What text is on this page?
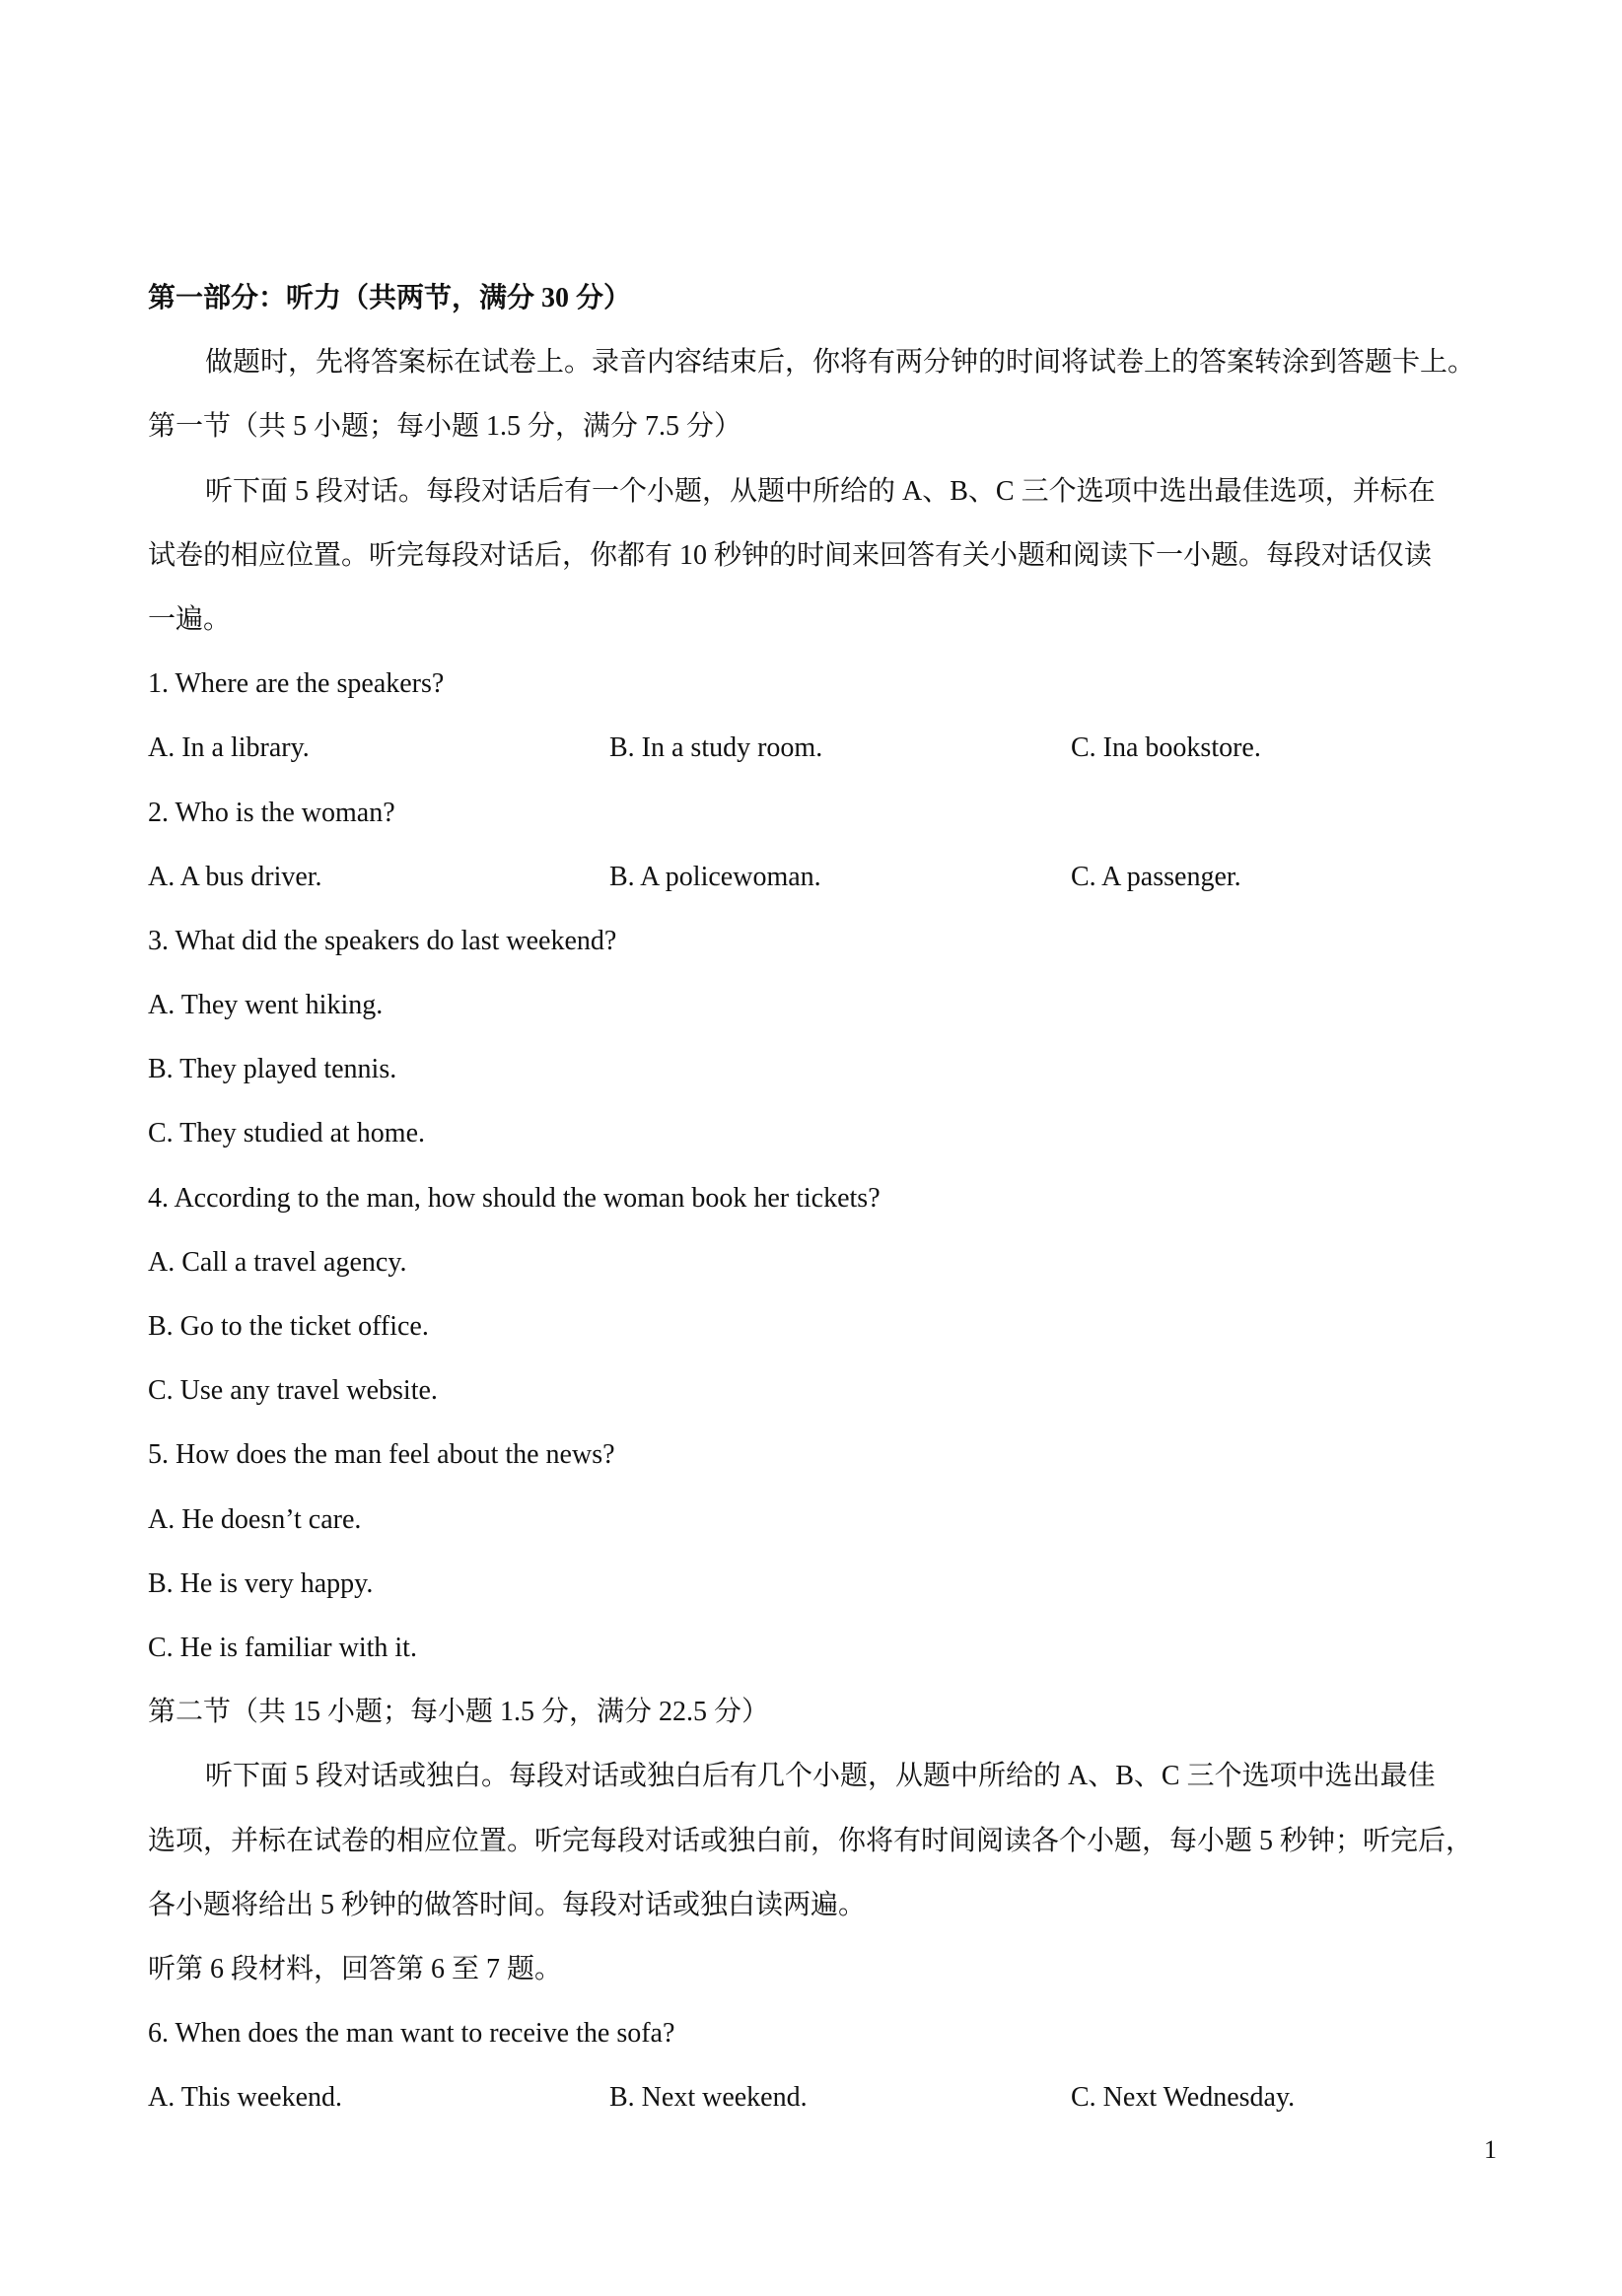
第一部分：听力（共两节，满分 30 分）
做题时，先将答案标在试卷上。录音内容结束后，你将有两分钟的时间将试卷上的答案转涂到答题卡上。
第一节（共 5 小题；每小题 1.5 分，满分 7.5 分）
听下面 5 段对话。每段对话后有一个小题，从题中所给的 A、B、C 三个选项中选出最佳选项，并标在
试卷的相应位置。听完每段对话后，你都有 10 秒钟的时间来回答有关小题和阅读下一小题。每段对话仅读
一遍。
1. Where are the speakers?
A. In a library.	B. In a study room.	C. Ina bookstore.
2. Who is the woman?
A. A bus driver.	B. A policewoman.	C. A passenger.
3. What did the speakers do last weekend?
A. They went hiking.
B. They played tennis.
C. They studied at home.
4. According to the man, how should the woman book her tickets?
A. Call a travel agency.
B. Go to the ticket office.
C. Use any travel website.
5. How does the man feel about the news?
A. He doesn’t care.
B. He is very happy.
C. He is familiar with it.
第二节（共 15 小题；每小题 1.5 分，满分 22.5 分）
听下面 5 段对话或独白。每段对话或独白后有几个小题，从题中所给的 A、B、C 三个选项中选出最佳
选项，并标在试卷的相应位置。听完每段对话或独白前，你将有时间阅读各个小题，每小题 5 秒钟；听完后，
各小题将给出 5 秒钟的做答时间。每段对话或独白读两遍。
听第 6 段材料，回答第 6 至 7 题。
6. When does the man want to receive the sofa?
A. This weekend.	B. Next weekend.	C. Next Wednesday.
1
